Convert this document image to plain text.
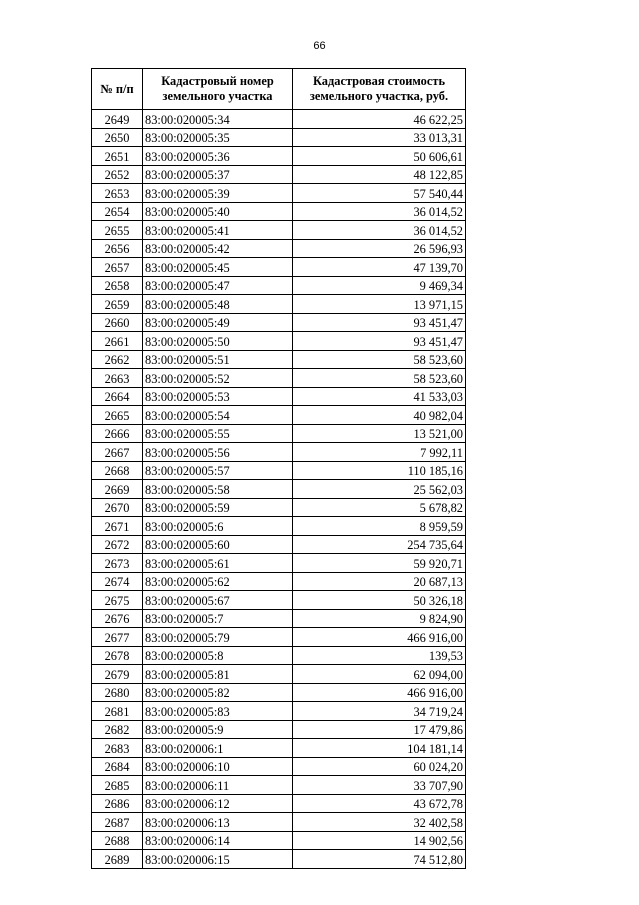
66
№ п/п	Кадастровый номер земельного участка	Кадастровая стоимость земельного участка, руб.
2649	83:00:020005:34	46 622,25
2650	83:00:020005:35	33 013,31
2651	83:00:020005:36	50 606,61
2652	83:00:020005:37	48 122,85
2653	83:00:020005:39	57 540,44
2654	83:00:020005:40	36 014,52
2655	83:00:020005:41	36 014,52
2656	83:00:020005:42	26 596,93
2657	83:00:020005:45	47 139,70
2658	83:00:020005:47	9 469,34
2659	83:00:020005:48	13 971,15
2660	83:00:020005:49	93 451,47
2661	83:00:020005:50	93 451,47
2662	83:00:020005:51	58 523,60
2663	83:00:020005:52	58 523,60
2664	83:00:020005:53	41 533,03
2665	83:00:020005:54	40 982,04
2666	83:00:020005:55	13 521,00
2667	83:00:020005:56	7 992,11
2668	83:00:020005:57	110 185,16
2669	83:00:020005:58	25 562,03
2670	83:00:020005:59	5 678,82
2671	83:00:020005:6	8 959,59
2672	83:00:020005:60	254 735,64
2673	83:00:020005:61	59 920,71
2674	83:00:020005:62	20 687,13
2675	83:00:020005:67	50 326,18
2676	83:00:020005:7	9 824,90
2677	83:00:020005:79	466 916,00
2678	83:00:020005:8	139,53
2679	83:00:020005:81	62 094,00
2680	83:00:020005:82	466 916,00
2681	83:00:020005:83	34 719,24
2682	83:00:020005:9	17 479,86
2683	83:00:020006:1	104 181,14
2684	83:00:020006:10	60 024,20
2685	83:00:020006:11	33 707,90
2686	83:00:020006:12	43 672,78
2687	83:00:020006:13	32 402,58
2688	83:00:020006:14	14 902,56
2689	83:00:020006:15	74 512,80
